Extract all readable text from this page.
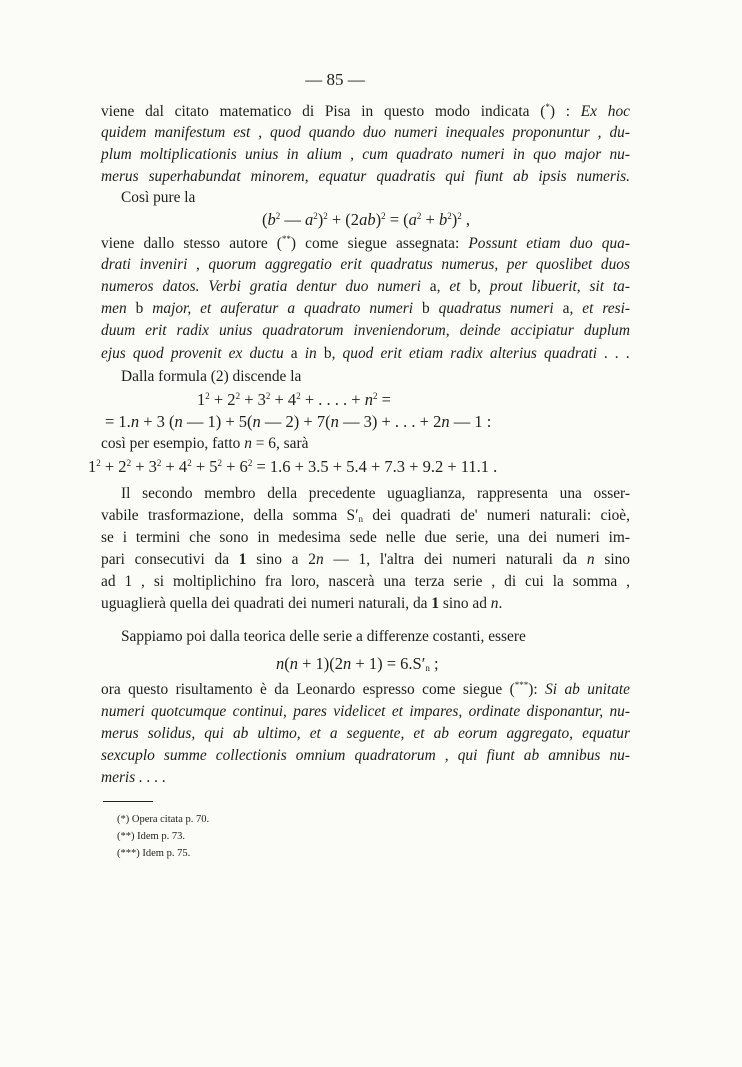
— 85 —
viene dal citato matematico di Pisa in questo modo indicata (*) : Ex hoc
quidem manifestum est , quod quando duo numeri inequales proponuntur , du-
plum moltiplicationis unius in alium , cum quadrato numeri in quo major nu-
merus superhabundat minorem, equatur quadratis qui fiunt ab ipsis numeris.
Così pure la
($b^2$ — $a^2)^2 + (2ab)^2 = (a^2 + b^2)^2$ ,
viene dallo stesso autore (**) come siegue assegnata: Possunt etiam duo qua-
drati inveniri , quorum aggregatio erit quadratus numerus, per quoslibet duos
numeros datos. Verbi gratia dentur duo numeri a, et b, prout libuerit, sit ta-
men b major, et auferatur a quadrato numeri b quadratus numeri a, et resi-
duum erit radix unius quadratorum inveniendorum, deinde accipiatur duplum
ejus quod provenit ex ductu a in b, quod erit etiam radix alterius quadrati . . .
Dalla formula (2) discende la
$1^2 + 2^2 + 3^2 + 4^2$ + . . . . + $n^2$ =
= 1.n + 3 (n — 1) + 5(n — 2) + 7(n — 3) + . . . + 2n — 1 :
così per esempio, fatto n = 6, sarà
$1^2 + 2^2 + 3^2 + 4^2 + 5^2 + 6^2 = 1.6 + 3.5 + 5.4 + 7.3 + 9.2 + 11.1$ .
Il secondo membro della precedente uguaglianza, rappresenta una osser-
vabile trasformazione, della somma $S'_n$ dei quadrati de' numeri naturali: cioè,
se i termini che sono in medesima sede nelle due serie, una dei numeri im-
pari consecutivi da 1 sino a 2n — 1, l'altra dei numeri naturali da n sino
ad 1 , si moltiplichino fra loro, nascerà una terza serie , di cui la somma ,
uguaglierà quella dei quadrati dei numeri naturali, da 1 sino ad n.
Sappiamo poi dalla teorica delle serie a differenze costanti, essere
$n(n + 1)(2n + 1) = 6.S'_n$ ;
ora questo risultamento è da Leonardo espresso come siegue (***): Si ab unitate
numeri quotcumque continui, pares videlicet et impares, ordinate disponantur, nu-
merus solidus, qui ab ultimo, et a seguente, et ab eorum aggregato, equatur
sexcuplo summe collectionis omnium quadratorum , qui fiunt ab amnibus nu-
meris . . . .
(*) Opera citata p. 70.
(**) Idem p. 73.
(***) Idem p. 75.
